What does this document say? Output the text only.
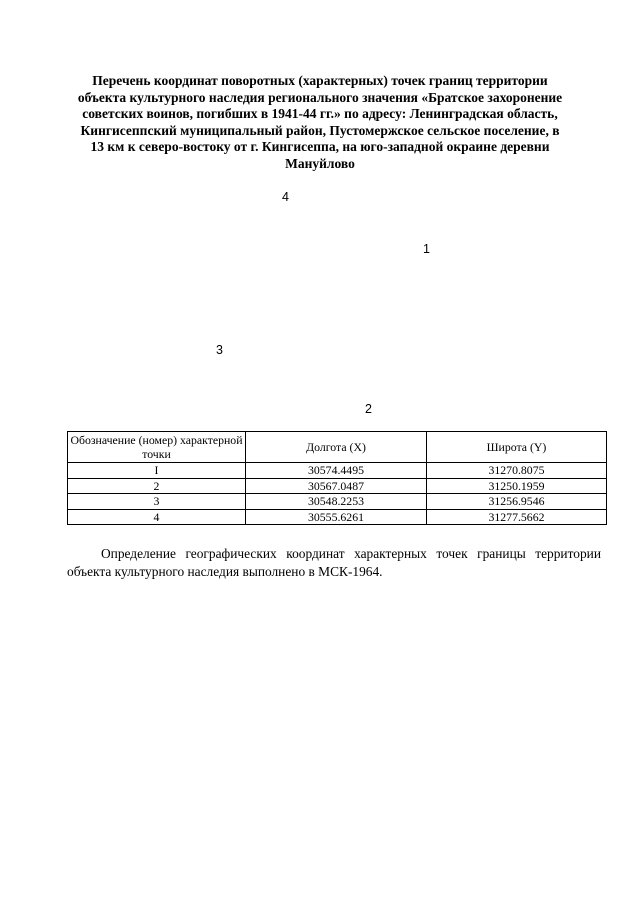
Перечень координат поворотных (характерных) точек границ территории
объекта культурного наследия регионального значения «Братское захоронение
советских воинов, погибших в 1941-44 гг.» по адресу: Ленинградская область,
Кингисеппский муниципальный район, Пустомержское сельское поселение, в
13 км к северо-востоку от г. Кингисеппа, на юго-западной окраине деревни
Мануйлово
4
1
3
2
Обозначение (номер) характерной точки	Долгота (X)	Широта (Y)
I	30574.4495	31270.8075
2	30567.0487	31250.1959
3	30548.2253	31256.9546
4	30555.6261	31277.5662

Определение географических координат характерных точек границы территории объекта культурного наследия выполнено в МСК-1964.
